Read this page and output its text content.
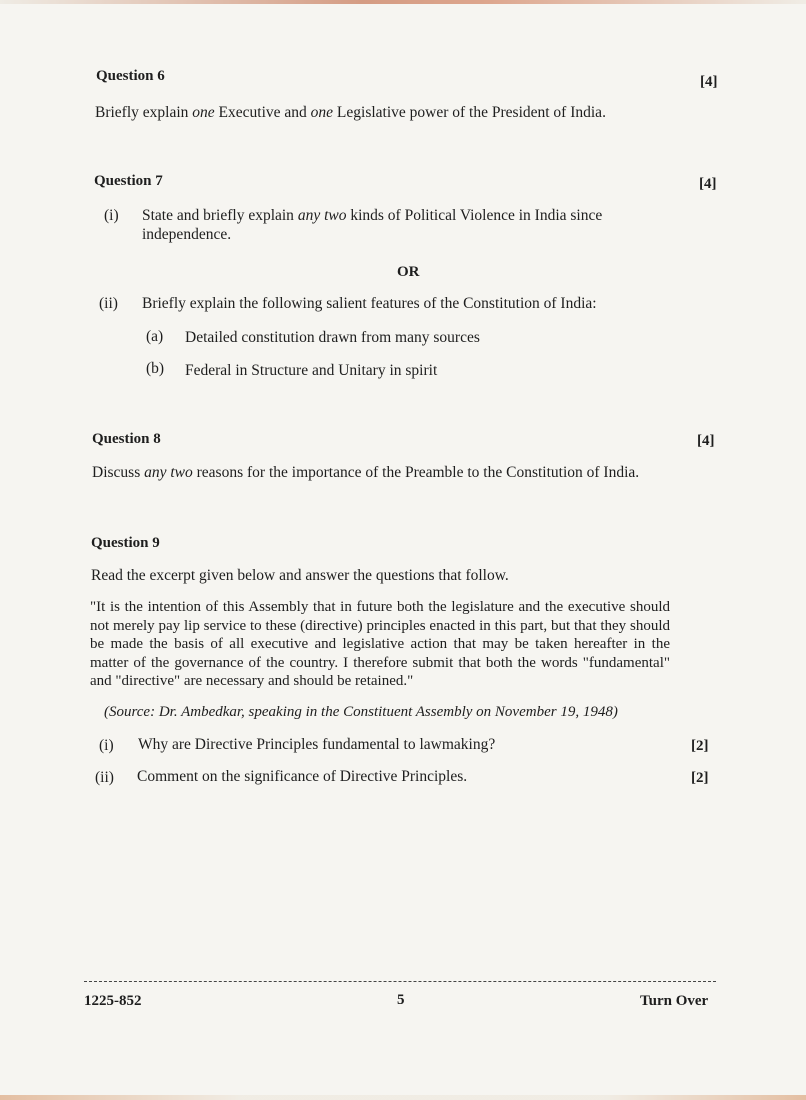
Question 6	[4]
Briefly explain one Executive and one Legislative power of the President of India.
Question 7	[4]
(i) State and briefly explain any two kinds of Political Violence in India since independence.
OR
(ii) Briefly explain the following salient features of the Constitution of India:
(a) Detailed constitution drawn from many sources
(b) Federal in Structure and Unitary in spirit
Question 8	[4]
Discuss any two reasons for the importance of the Preamble to the Constitution of India.
Question 9
Read the excerpt given below and answer the questions that follow.
"It is the intention of this Assembly that in future both the legislature and the executive should not merely pay lip service to these (directive) principles enacted in this part, but that they should be made the basis of all executive and legislative action that may be taken hereafter in the matter of the governance of the country. I therefore submit that both the words "fundamental" and "directive" are necessary and should be retained."
(Source: Dr. Ambedkar, speaking in the Constituent Assembly on November 19, 1948)
(i) Why are Directive Principles fundamental to lawmaking?	[2]
(ii) Comment on the significance of Directive Principles.	[2]
1225-852	5	Turn Over
